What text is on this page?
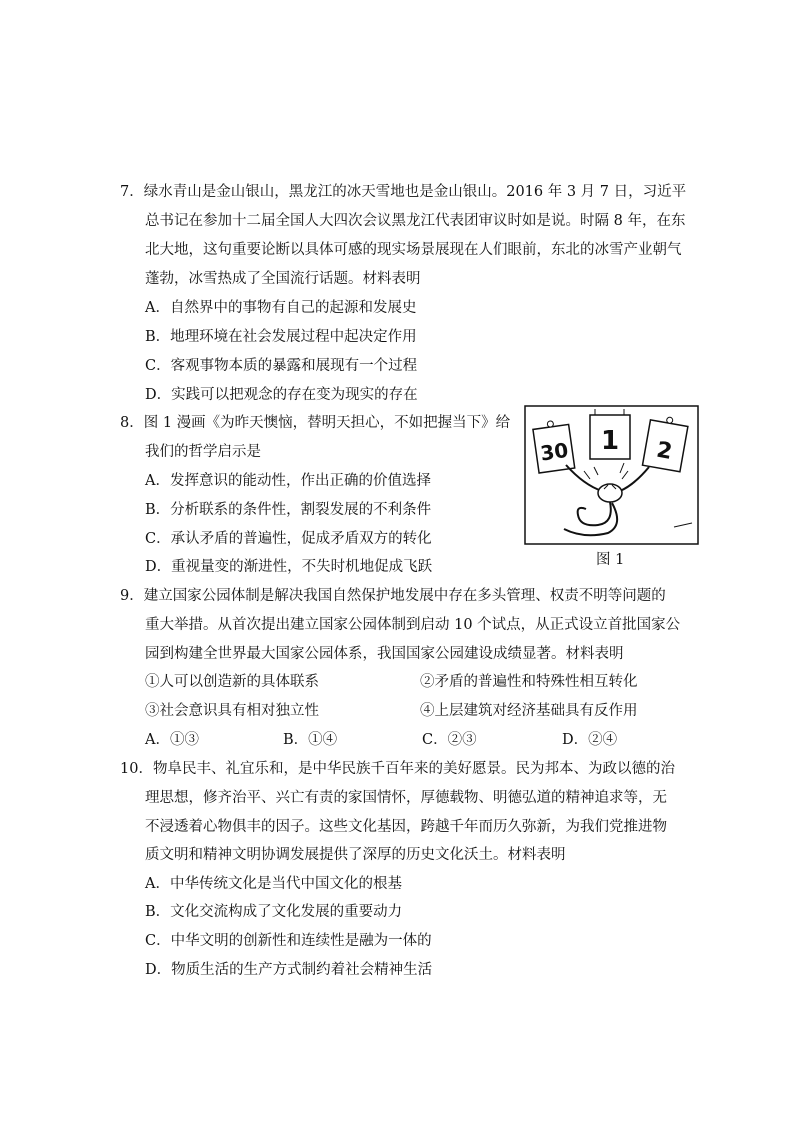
7．绿水青山是金山银山，黑龙江的冰天雪地也是金山银山。2016 年 3 月 7 日，习近平
总书记在参加十二届全国人大四次会议黑龙江代表团审议时如是说。时隔 8 年，在东
北大地，这句重要论断以具体可感的现实场景展现在人们眼前，东北的冰雪产业朝气
蓬勃，冰雪热成了全国流行话题。材料表明
A．自然界中的事物有自己的起源和发展史
B．地理环境在社会发展过程中起决定作用
C．客观事物本质的暴露和展现有一个过程
D．实践可以把观念的存在变为现实的存在
8．图 1 漫画《为昨天懊恼，替明天担心，不如把握当下》给
我们的哲学启示是
A．发挥意识的能动性，作出正确的价值选择
B．分析联系的条件性，割裂发展的不利条件
C．承认矛盾的普遍性，促成矛盾双方的转化
D．重视量变的渐进性，不失时机地促成飞跃
30 1 2
图 1
9．建立国家公园体制是解决我国自然保护地发展中存在多头管理、权责不明等问题的
重大举措。从首次提出建立国家公园体制到启动 10 个试点，从正式设立首批国家公
园到构建全世界最大国家公园体系，我国国家公园建设成绩显著。材料表明
①人可以创造新的具体联系	②矛盾的普遍性和特殊性相互转化
③社会意识具有相对独立性	④上层建筑对经济基础具有反作用
A．①③	B．①④	C．②③	D．②④
10．物阜民丰、礼宜乐和，是中华民族千百年来的美好愿景。民为邦本、为政以德的治
理思想，修齐治平、兴亡有责的家国情怀，厚德载物、明德弘道的精神追求等，无
不浸透着心物俱丰的因子。这些文化基因，跨越千年而历久弥新，为我们党推进物
质文明和精神文明协调发展提供了深厚的历史文化沃土。材料表明
A．中华传统文化是当代中国文化的根基
B．文化交流构成了文化发展的重要动力
C．中华文明的创新性和连续性是融为一体的
D．物质生活的生产方式制约着社会精神生活
